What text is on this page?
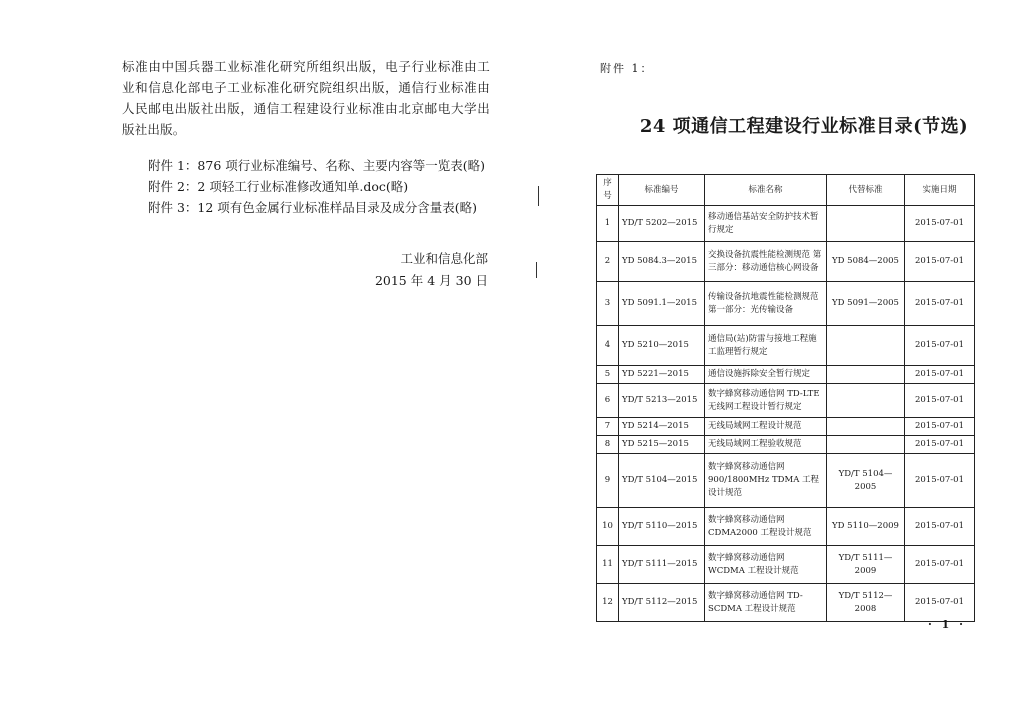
标准由中国兵器工业标准化研究所组织出版，电子行业标准由工业和信息化部电子工业标准化研究院组织出版，通信行业标准由人民邮电出版社出版，通信工程建设行业标准由北京邮电大学出版社出版。
附件 1：876 项行业标准编号、名称、主要内容等一览表(略)
附件 2：2 项轻工行业标准修改通知单.doc(略)
附件 3：12 项有色金属行业标准样品目录及成分含量表(略)
工业和信息化部
2015 年 4 月 30 日
附件 1：
24 项通信工程建设行业标准目录(节选)
序号	标准编号	标准名称	代替标准	实施日期
1	YD/T 5202—2015	移动通信基站安全防护技术暂行规定		2015-07-01
2	YD 5084.3—2015	交换设备抗震性能检测规范 第三部分：移动通信核心网设备	YD 5084—2005	2015-07-01
3	YD 5091.1—2015	传输设备抗地震性能检测规范 第一部分：光传输设备	YD 5091—2005	2015-07-01
4	YD 5210—2015	通信局(站)防雷与接地工程施工监理暂行规定		2015-07-01
5	YD 5221—2015	通信设施拆除安全暂行规定		2015-07-01
6	YD/T 5213—2015	数字蜂窝移动通信网 TD-LTE 无线网工程设计暂行规定		2015-07-01
7	YD 5214—2015	无线局域网工程设计规范		2015-07-01
8	YD 5215—2015	无线局域网工程验收规范		2015-07-01
9	YD/T 5104—2015	数字蜂窝移动通信网 900/1800MHz TDMA 工程设计规范	YD/T 5104—2005	2015-07-01
10	YD/T 5110—2015	数字蜂窝移动通信网 CDMA2000 工程设计规范	YD 5110—2009	2015-07-01
11	YD/T 5111—2015	数字蜂窝移动通信网 WCDMA 工程设计规范	YD/T 5111—2009	2015-07-01
12	YD/T 5112—2015	数字蜂窝移动通信网 TD-SCDMA 工程设计规范	YD/T 5112—2008	2015-07-01
· 1 ·
